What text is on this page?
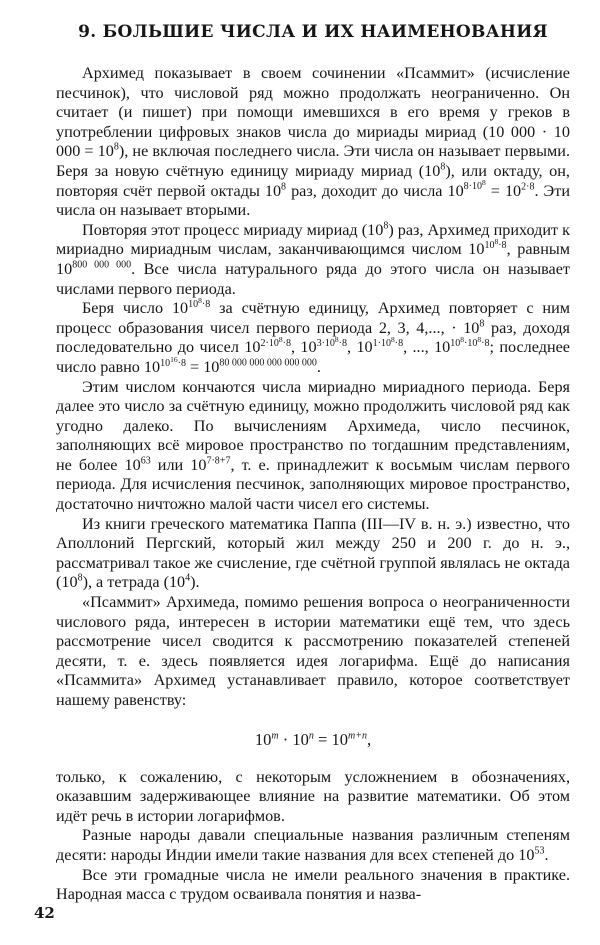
9. БОЛЬШИЕ ЧИСЛА И ИХ НАИМЕНОВАНИЯ

Архимед показывает в своем сочинении «Псаммит» (исчисление песчинок), что числовой ряд можно продолжать неограниченно. Он считает (и пишет) при помощи имевшихся в его время у греков в употреблении цифровых знаков числа до мириады мириад (10 000 · 10 $000 = 10^8$), не включая последнего числа. Эти числа он называет первыми. Беря за новую счётную единицу мириаду мириад $(10^8)$, или октаду, он, повторяя счёт первой октады $10^8$ раз, доходит до числа $10^{8\cdot 10^8} = 10^{2\cdot 8}$. Эти числа он называет вторыми.

Повторяя этот процесс мириаду мириад $(10^8)$ раз, Архимед приходит к мириадно мириадным числам, заканчивающимся числом $10^{10^8\cdot 8}$, равным $10^{800 000 000}$. Все числа натурального ряда до этого числа он называет числами первого периода.

Беря число $10^{10^8\cdot 8}$ за счётную единицу, Архимед повторяет с ним процесс образования чисел первого периода 2, 3, 4,..., · $10^8$ раз, доходя последовательно до чисел $10^{2\cdot 10^8\cdot 8}$, $10^{3\cdot 10^8\cdot 8}$, $10^{1\cdot 10^8\cdot 8}$, ..., $10^{10^8\cdot 10^8\cdot 8}$; последнее число равно $10^{10^{16}\cdot 8} = 10^{80 000 000 000 000 000}$.

Этим числом кончаются числа мириадно мириадного периода. Беря далее это число за счётную единицу, можно продолжить числовой ряд как угодно далеко. По вычислениям Архимеда, число песчинок, заполняющих всё мировое пространство по тогдашним представлениям, не более $10^{63}$ или $10^{7\cdot 8+7}$, т. е. принадлежит к восьмым числам первого периода. Для исчисления песчинок, заполняющих мировое пространство, достаточно ничтожно малой части чисел его системы.

Из книги греческого математика Паппа (III—IV в. н. э.) известно, что Аполлоний Пергский, который жил между 250 и 200 г. до н. э., рассматривал такое же счисление, где счётной группой являлась не октада $(10^8)$, а тетрада $(10^4)$.

«Псаммит» Архимеда, помимо решения вопроса о неограниченности числового ряда, интересен в истории математики ещё тем, что здесь рассмотрение чисел сводится к рассмотрению показателей степеней десяти, т. е. здесь появляется идея логарифма. Ещё до написания «Псаммита» Архимед устанавливает правило, которое соответствует нашему равенству:

$10^m \cdot 10^n = 10^{m+n}$,

только, к сожалению, с некоторым усложнением в обозначениях, оказавшим задерживающее влияние на развитие математики. Об этом идёт речь в истории логарифмов.

Разные народы давали специальные названия различным степеням десяти: народы Индии имели такие названия для всех степеней до $10^{53}$.

Все эти громадные числа не имели реального значения в практике. Народная масса с трудом осваивала понятия и назва-

42
